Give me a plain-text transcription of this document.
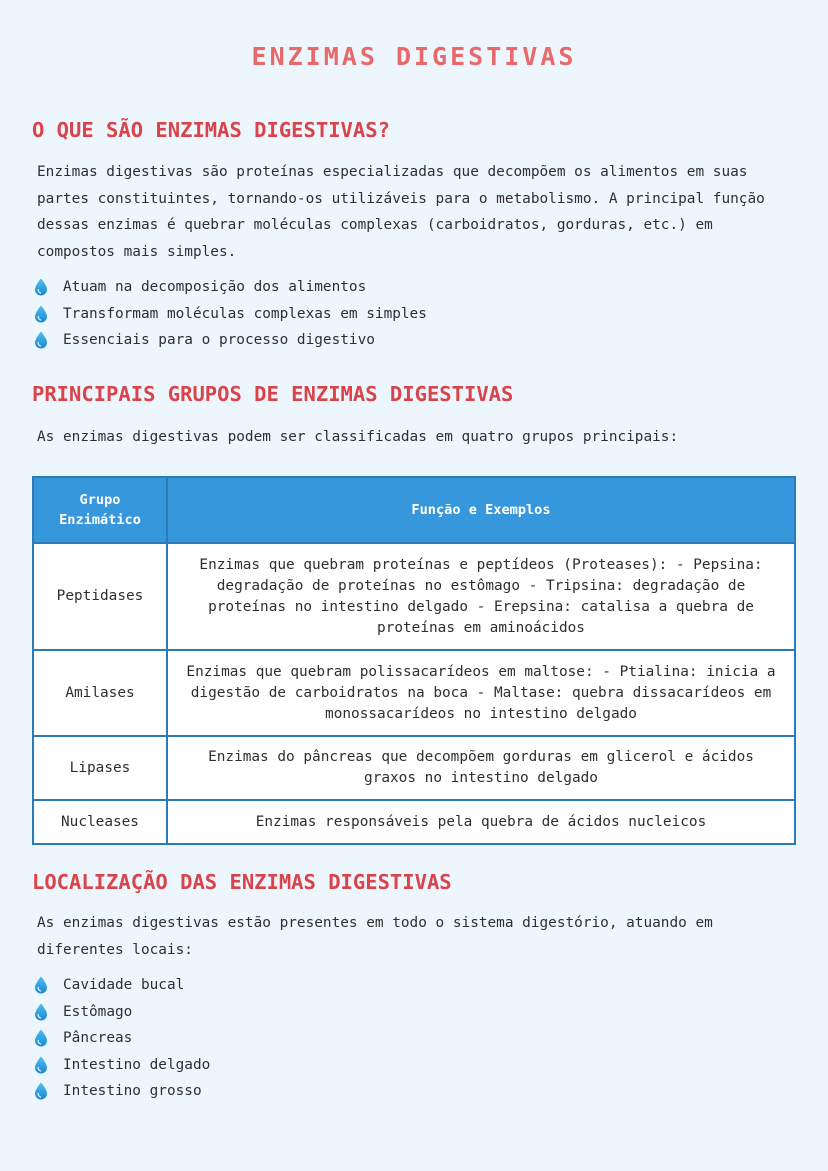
ENZIMAS DIGESTIVAS
O QUE SÃO ENZIMAS DIGESTIVAS?

Enzimas digestivas são proteínas especializadas que decompõem os alimentos em suas partes constituintes, tornando-os utilizáveis para o metabolismo. A principal função dessas enzimas é quebrar moléculas complexas (carboidratos, gorduras, etc.) em compostos mais simples.

Atuam na decomposição dos alimentos
Transformam moléculas complexas em simples
Essenciais para o processo digestivo
PRINCIPAIS GRUPOS DE ENZIMAS DIGESTIVAS

As enzimas digestivas podem ser classificadas em quatro grupos principais:

Grupo Enzimático	Função e Exemplos
Peptidases	Enzimas que quebram proteínas e peptídeos (Proteases): - Pepsina: degradação de proteínas no estômago - Tripsina: degradação de proteínas no intestino delgado - Erepsina: catalisa a quebra de proteínas em aminoácidos
Amilases	Enzimas que quebram polissacarídeos em maltose: - Ptialina: inicia a digestão de carboidratos na boca - Maltase: quebra dissacarídeos em monossacarídeos no intestino delgado
Lipases	Enzimas do pâncreas que decompõem gorduras em glicerol e ácidos graxos no intestino delgado
Nucleases	Enzimas responsáveis pela quebra de ácidos nucleicos
LOCALIZAÇÃO DAS ENZIMAS DIGESTIVAS

As enzimas digestivas estão presentes em todo o sistema digestório, atuando em diferentes locais:

Cavidade bucal
Estômago
Pâncreas
Intestino delgado
Intestino grosso
